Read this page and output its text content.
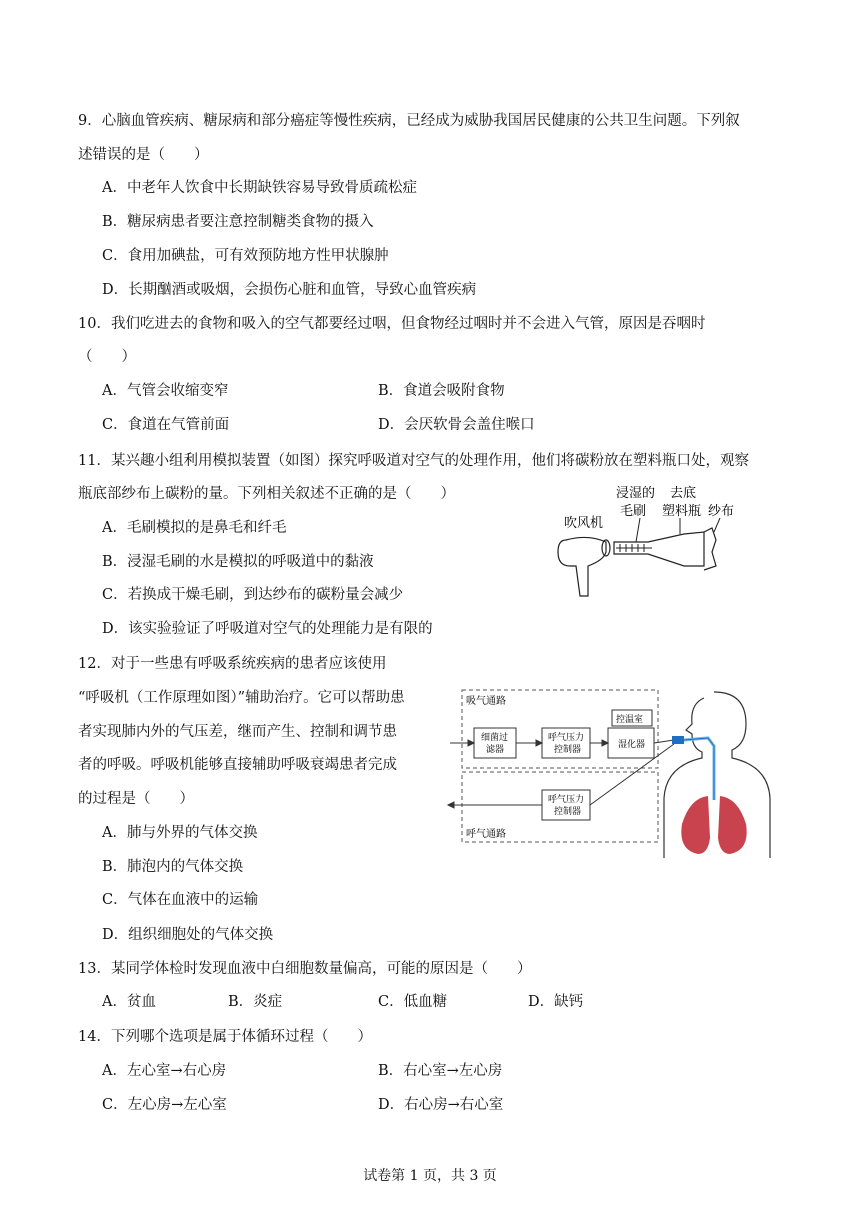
9．心脑血管疾病、糖尿病和部分癌症等慢性疾病，已经成为威胁我国居民健康的公共卫生问题。下列叙
述错误的是（　　）
A．中老年人饮食中长期缺铁容易导致骨质疏松症
B．糖尿病患者要注意控制糖类食物的摄入
C．食用加碘盐，可有效预防地方性甲状腺肿
D．长期酗酒或吸烟，会损伤心脏和血管，导致心血管疾病
10．我们吃进去的食物和吸入的空气都要经过咽，但食物经过咽时并不会进入气管，原因是吞咽时
（　　）
A．气管会收缩变窄	B．食道会吸附食物
C．食道在气管前面	D．会厌软骨会盖住喉口
11．某兴趣小组利用模拟装置（如图）探究呼吸道对空气的处理作用，他们将碳粉放在塑料瓶口处，观察
瓶底部纱布上碳粉的量。下列相关叙述不正确的是（　　）
A．毛刷模拟的是鼻毛和纤毛
B．浸湿毛刷的水是模拟的呼吸道中的黏液
C．若换成干燥毛刷，到达纱布的碳粉量会减少
D．该实验验证了呼吸道对空气的处理能力是有限的
浸湿的
毛刷
去底
塑料瓶 纱布
吹风机
12．对于一些患有呼吸系统疾病的患者应该使用
“呼吸机（工作原理如图）”辅助治疗。它可以帮助患
者实现肺内外的气压差，继而产生、控制和调节患
者的呼吸。呼吸机能够直接辅助呼吸衰竭患者完成
的过程是（　　）
A．肺与外界的气体交换
B．肺泡内的气体交换
C．气体在血液中的运输
D．组织细胞处的气体交换
吸气通路
呼气通路
细菌过
滤器
呼气压力
控制器
控温室
湿化器
呼气压力
控制器
13．某同学体检时发现血液中白细胞数量偏高，可能的原因是（　　）
A．贫血	B．炎症	C．低血糖	D．缺钙
14．下列哪个选项是属于体循环过程（　　）
A．左心室→右心房	B．右心室→左心房
C．左心房→左心室	D．右心房→右心室
试卷第 1 页，共 3 页
